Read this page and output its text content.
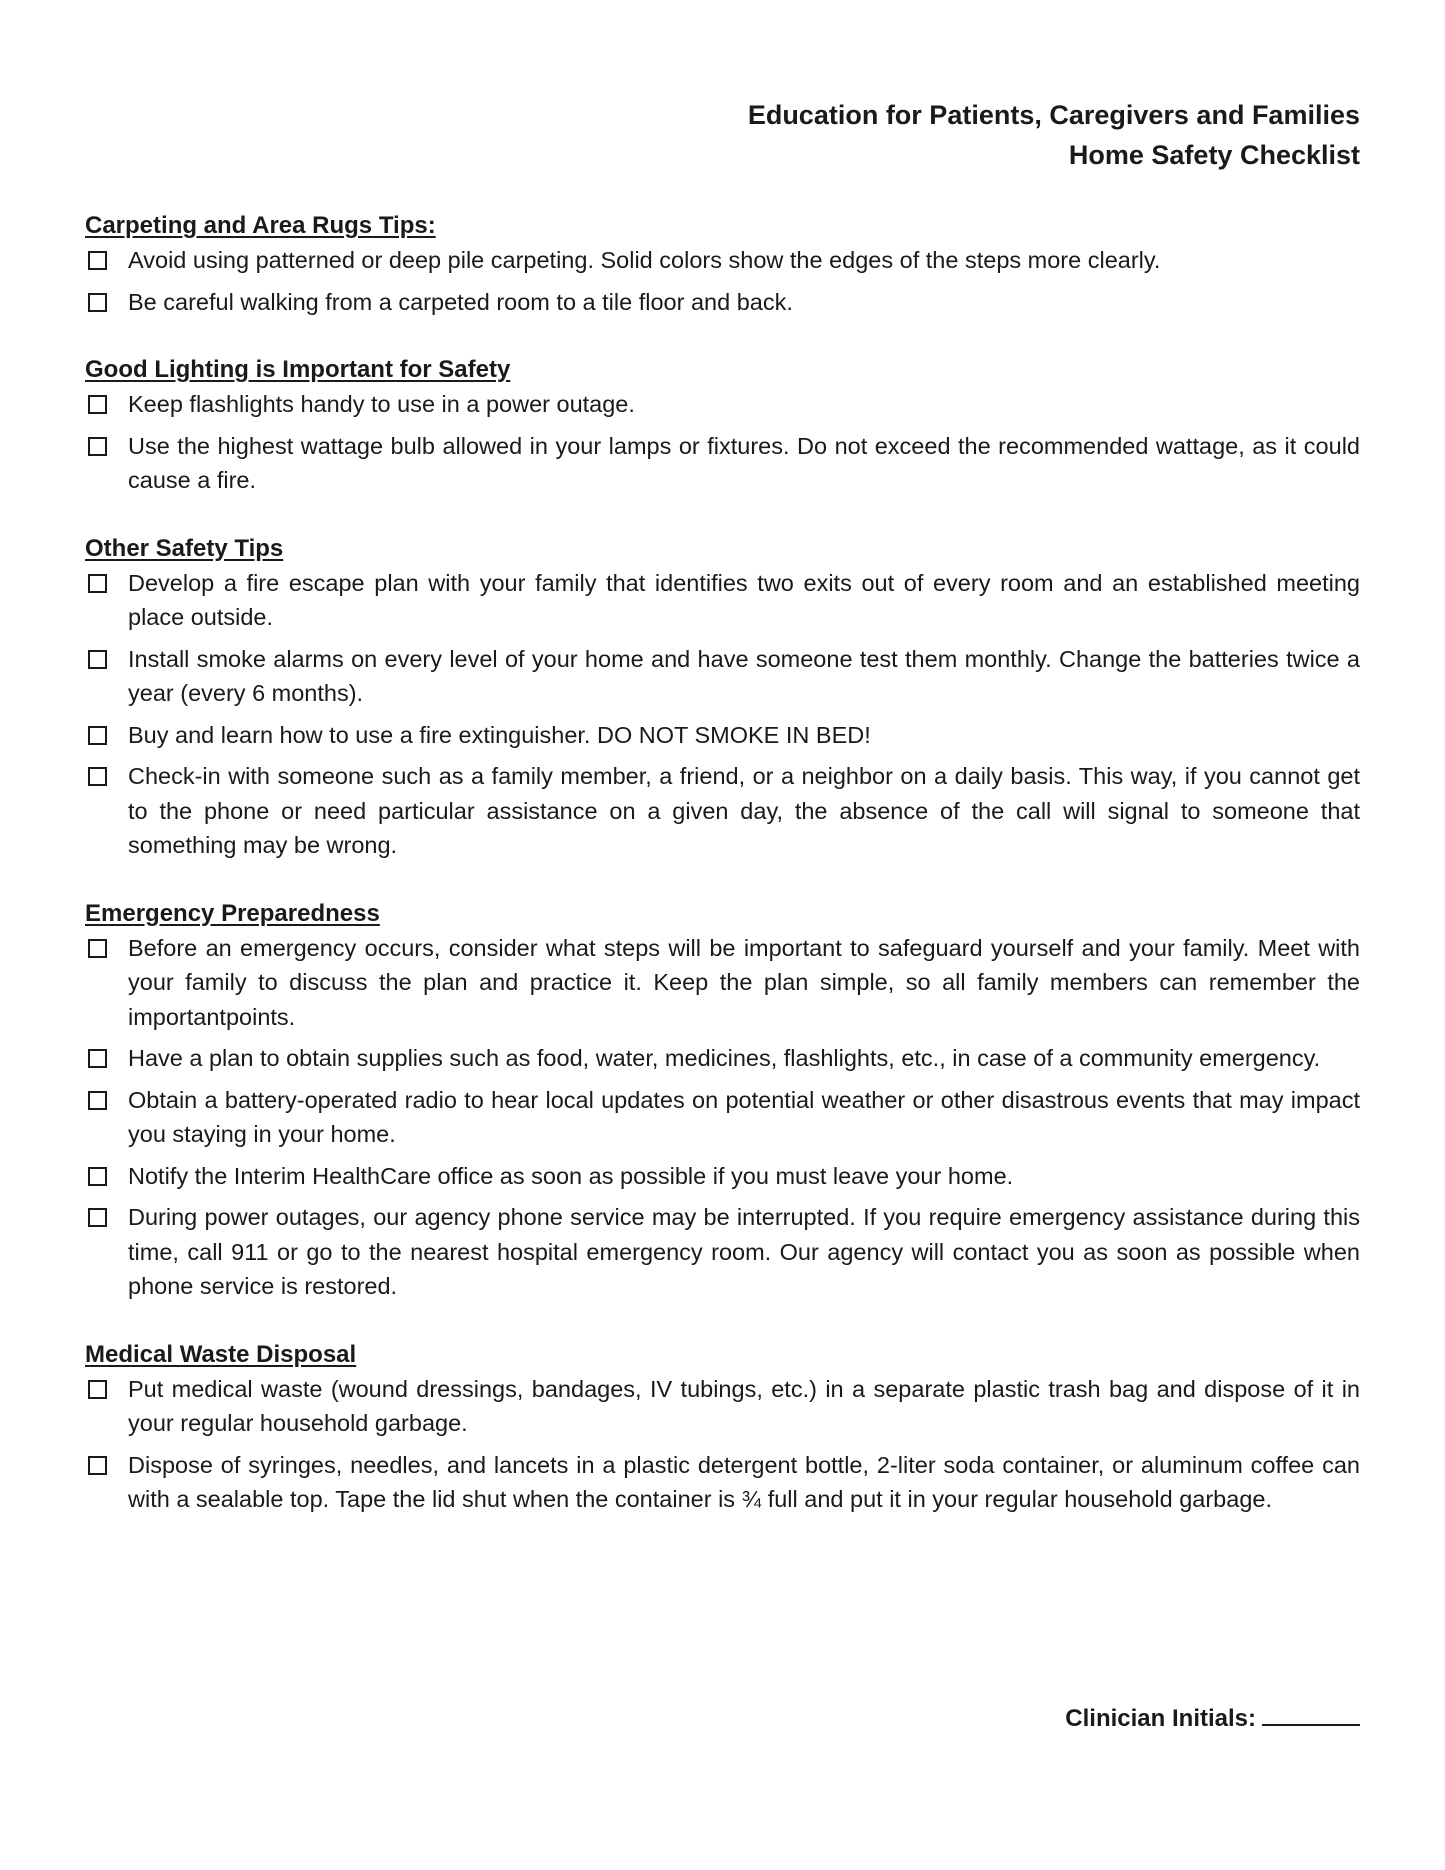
Education for Patients, Caregivers and Families
Home Safety Checklist
Carpeting and Area Rugs Tips:
Avoid using patterned or deep pile carpeting. Solid colors show the edges of the steps more clearly.
Be careful walking from a carpeted room to a tile floor and back.
Good Lighting is Important for Safety
Keep flashlights handy to use in a power outage.
Use the highest wattage bulb allowed in your lamps or fixtures. Do not exceed the recommended wattage, as it could cause a fire.
Other Safety Tips
Develop a fire escape plan with your family that identifies two exits out of every room and an established meeting place outside.
Install smoke alarms on every level of your home and have someone test them monthly. Change the batteries twice a year (every 6 months).
Buy and learn how to use a fire extinguisher. DO NOT SMOKE IN BED!
Check-in with someone such as a family member, a friend, or a neighbor on a daily basis. This way, if you cannot get to the phone or need particular assistance on a given day, the absence of the call will signal to someone that something may be wrong.
Emergency Preparedness
Before an emergency occurs, consider what steps will be important to safeguard yourself and your family. Meet with your family to discuss the plan and practice it. Keep the plan simple, so all family members can remember the importantpoints.
Have a plan to obtain supplies such as food, water, medicines, flashlights, etc., in case of a community emergency.
Obtain a battery-operated radio to hear local updates on potential weather or other disastrous events that may impact you staying in your home.
Notify the Interim HealthCare office as soon as possible if you must leave your home.
During power outages, our agency phone service may be interrupted. If you require emergency assistance during this time, call 911 or go to the nearest hospital emergency room. Our agency will contact you as soon as possible when phone service is restored.
Medical Waste Disposal
Put medical waste (wound dressings, bandages, IV tubings, etc.) in a separate plastic trash bag and dispose of it in your regular household garbage.
Dispose of syringes, needles, and lancets in a plastic detergent bottle, 2-liter soda container, or aluminum coffee can with a sealable top. Tape the lid shut when the container is ¾ full and put it in your regular household garbage.
Clinician Initials:
